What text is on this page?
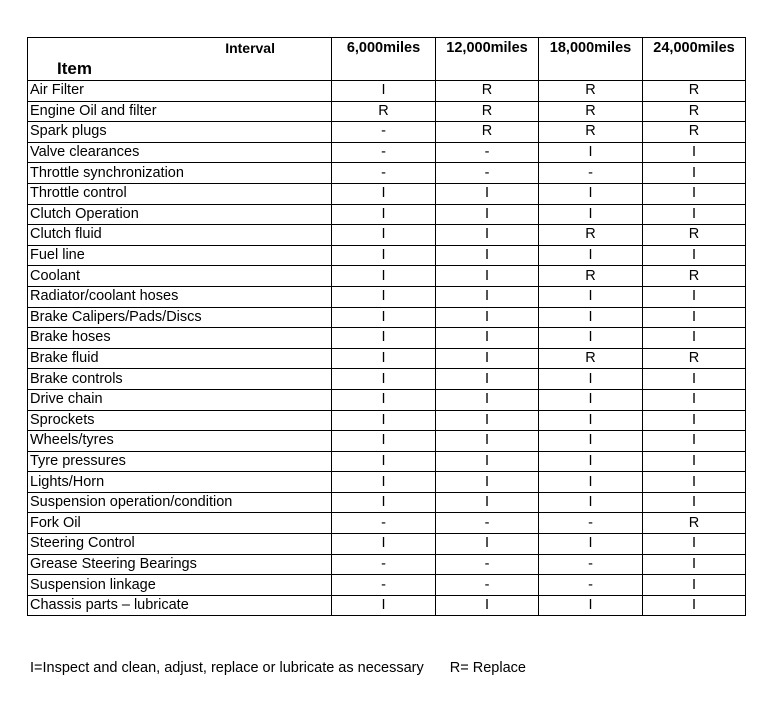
Interval	6,000miles	12,000miles	18,000miles	24,000miles
Item				
Air Filter	I	R	R	R
Engine Oil and filter	R	R	R	R
Spark plugs	-	R	R	R
Valve clearances	-	-	I	I
Throttle synchronization	-	-	-	I
Throttle control	I	I	I	I
Clutch Operation	I	I	I	I
Clutch fluid	I	I	R	R
Fuel line	I	I	I	I
Coolant	I	I	R	R
Radiator/coolant hoses	I	I	I	I
Brake Calipers/Pads/Discs	I	I	I	I
Brake hoses	I	I	I	I
Brake fluid	I	I	R	R
Brake controls	I	I	I	I
Drive chain	I	I	I	I
Sprockets	I	I	I	I
Wheels/tyres	I	I	I	I
Tyre pressures	I	I	I	I
Lights/Horn	I	I	I	I
Suspension operation/condition	I	I	I	I
Fork Oil	-	-	-	R
Steering Control	I	I	I	I
Grease Steering Bearings	-	-	-	I
Suspension linkage	-	-	-	I
Chassis parts – lubricate	I	I	I	I
I=Inspect and clean, adjust, replace or lubricate as necessary R= Replace
